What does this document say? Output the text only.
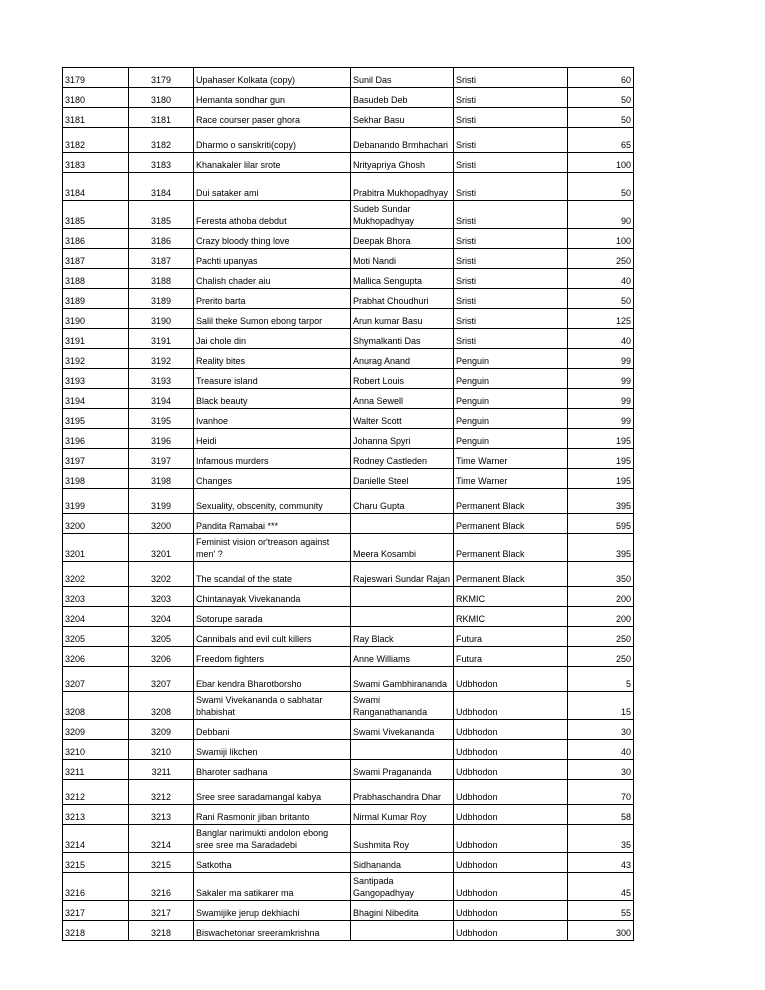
3179	3179	Upahaser Kolkata (copy)	Sunil Das	Sristi	60
3180	3180	Hemanta sondhar gun	Basudeb Deb	Sristi	50
3181	3181	Race courser paser ghora	Sekhar Basu	Sristi	50
3182	3182	Dharmo o sanskriti(copy)	Debanando Brmhachari	Sristi	65
3183	3183	Khanakaler lilar srote	Nrityapriya Ghosh	Sristi	100
3184	3184	Dui sataker ami	Prabitra Mukhopadhyay	Sristi	50
3185	3185	Feresta athoba debdut	Sudeb Sundar Mukhopadhyay	Sristi	90
3186	3186	Crazy bloody thing love	Deepak Bhora	Sristi	100
3187	3187	Pachti upanyas	Moti Nandi	Sristi	250
3188	3188	Chalish chader aiu	Mallica Sengupta	Sristi	40
3189	3189	Prerito barta	Prabhat Choudhuri	Sristi	50
3190	3190	Salil theke Sumon ebong tarpor	Arun kumar Basu	Sristi	125
3191	3191	Jai chole din	Shymalkanti Das	Sristi	40
3192	3192	Reality bites	Anurag Anand	Penguin	99
3193	3193	Treasure island	Robert Louis	Penguin	99
3194	3194	Black beauty	Anna Sewell	Penguin	99
3195	3195	Ivanhoe	Walter Scott	Penguin	99
3196	3196	Heidi	Johanna Spyri	Penguin	195
3197	3197	Infamous murders	Rodney Castleden	Time Warner	195
3198	3198	Changes	Danielle Steel	Time Warner	195
3199	3199	Sexuality, obscenity, community	Charu Gupta	Permanent Black	395
3200	3200	Pandita Ramabai ***		Permanent Black	595
3201	3201	Feminist vision or'treason against men' ?	Meera Kosambi	Permanent Black	395
3202	3202	The scandal of the state	Rajeswari Sundar Rajan	Permanent Black	350
3203	3203	Chintanayak Vivekananda		RKMIC	200
3204	3204	Sotorupe sarada		RKMIC	200
3205	3205	Cannibals and evil cult killers	Ray Black	Futura	250
3206	3206	Freedom fighters	Anne Williams	Futura	250
3207	3207	Ebar kendra Bharotborsho	Swami Gambhirananda	Udbhodon	5
3208	3208	Swami Vivekananda o sabhatar bhabishat	Swami Ranganathananda	Udbhodon	15
3209	3209	Debbani	Swami Vivekananda	Udbhodon	30
3210	3210	Swamiji likchen		Udbhodon	40
3211	3211	Bharoter sadhana	Swami Pragananda	Udbhodon	30
3212	3212	Sree sree saradamangal kabya	Prabhaschandra Dhar	Udbhodon	70
3213	3213	Rani Rasmonir jiban britanto	Nirmal Kumar Roy	Udbhodon	58
3214	3214	Banglar narimukti andolon ebong sree sree ma Saradadebi	Sushmita Roy	Udbhodon	35
3215	3215	Satkotha	Sidhananda	Udbhodon	43
3216	3216	Sakaler ma satikarer ma	Santipada Gangopadhyay	Udbhodon	45
3217	3217	Swamijike jerup dekhiachi	Bhagini Nibedita	Udbhodon	55
3218	3218	Biswachetonar sreeramkrishna		Udbhodon	300
